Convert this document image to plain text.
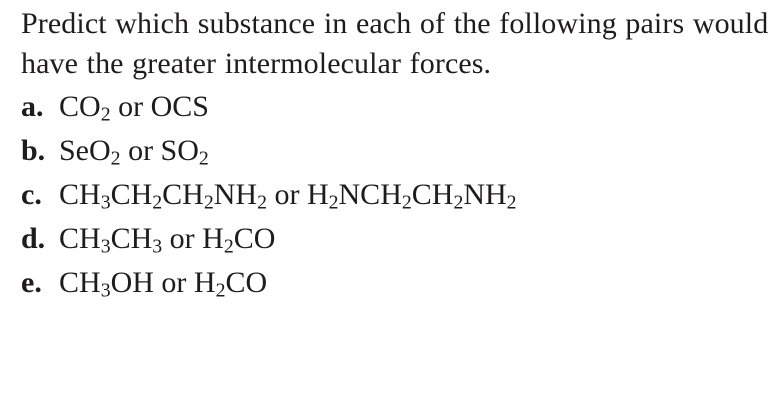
Predict which substance in each of the following pairs would
have the greater intermolecular forces.
a. $CO_2$ or OCS
b. SeO$_2$ or $SO_2$
c. $CH_3CH_2CH_2NH_2$ or $H_2NCH_2CH_2NH_2$
d. $CH_3CH_3$ or $H_2CO$
e. $CH_3OH$ or $H_2CO$
